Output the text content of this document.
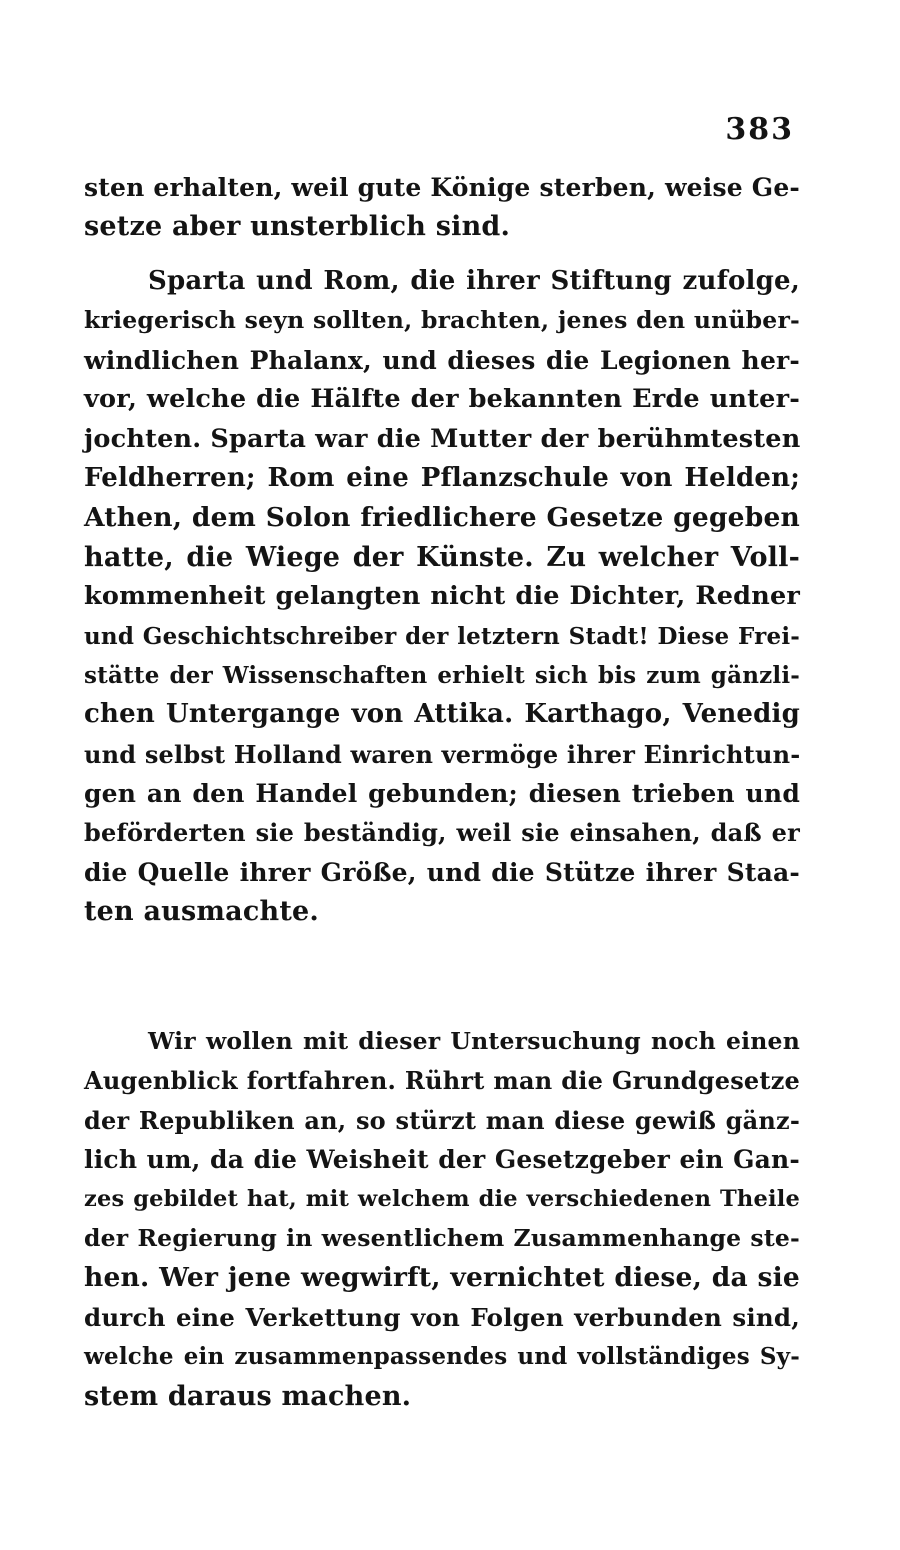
383
sten erhalten, weil gute Könige sterben, weise Ge-
setze aber unsterblich sind.
Sparta und Rom, die ihrer Stiftung zufolge,
kriegerisch seyn sollten, brachten, jenes den unüber-
windlichen Phalanx, und dieses die Legionen her-
vor, welche die Hälfte der bekannten Erde unter-
jochten. Sparta war die Mutter der berühmtesten
Feldherren; Rom eine Pflanzschule von Helden;
Athen, dem Solon friedlichere Gesetze gegeben
hatte, die Wiege der Künste. Zu welcher Voll-
kommenheit gelangten nicht die Dichter, Redner
und Geschichtschreiber der letztern Stadt! Diese Frei-
stätte der Wissenschaften erhielt sich bis zum gänzli-
chen Untergange von Attika. Karthago, Venedig
und selbst Holland waren vermöge ihrer Einrichtun-
gen an den Handel gebunden; diesen trieben und
beförderten sie beständig, weil sie einsahen, daß er
die Quelle ihrer Größe, und die Stütze ihrer Staa-
ten ausmachte.
Wir wollen mit dieser Untersuchung noch einen
Augenblick fortfahren. Rührt man die Grundgesetze
der Republiken an, so stürzt man diese gewiß gänz-
lich um, da die Weisheit der Gesetzgeber ein Gan-
zes gebildet hat, mit welchem die verschiedenen Theile
der Regierung in wesentlichem Zusammenhange ste-
hen. Wer jene wegwirft, vernichtet diese, da sie
durch eine Verkettung von Folgen verbunden sind,
welche ein zusammenpassendes und vollständiges Sy-
stem daraus machen.
